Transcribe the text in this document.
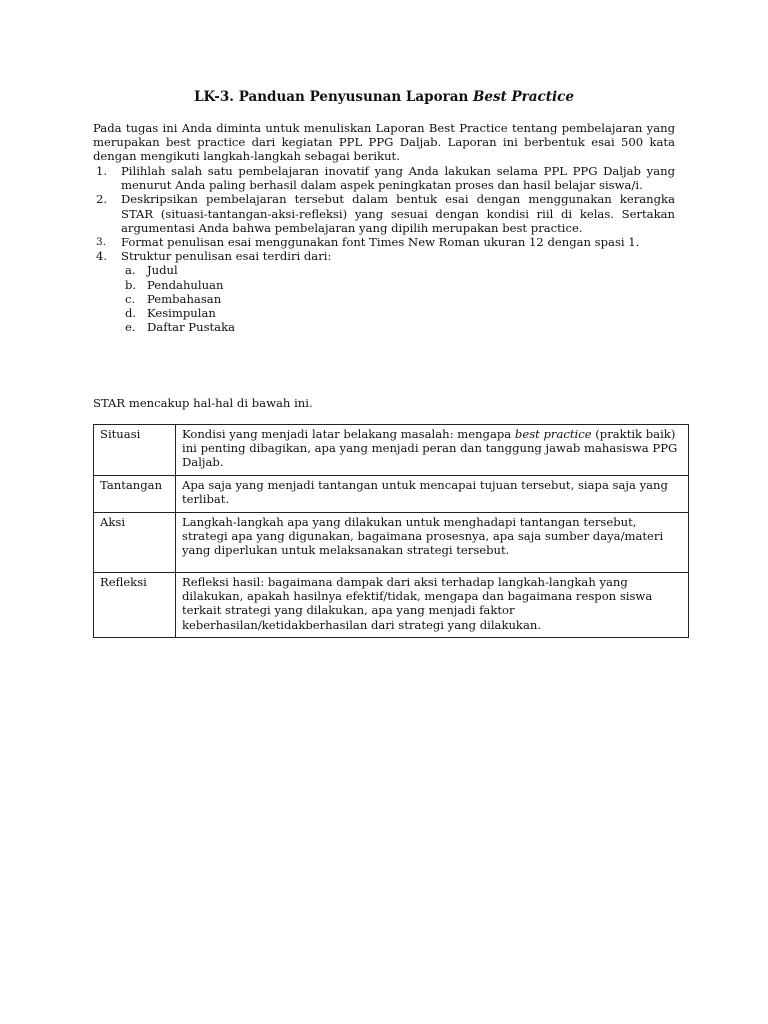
LK-3. Panduan Penyusunan Laporan Best Practice

Pada tugas ini Anda diminta untuk menuliskan Laporan Best Practice tentang pembelajaran yang merupakan best practice dari kegiatan PPL PPG Daljab. Laporan ini berbentuk esai 500 kata dengan mengikuti langkah-langkah sebagai berikut.

1. Pilihlah salah satu pembelajaran inovatif yang Anda lakukan selama PPL PPG Daljab yang menurut Anda paling berhasil dalam aspek peningkatan proses dan hasil belajar siswa/i.
2. Deskripsikan pembelajaran tersebut dalam bentuk esai dengan menggunakan kerangka STAR (situasi-tantangan-aksi-refleksi) yang sesuai dengan kondisi riil di kelas. Sertakan argumentasi Anda bahwa pembelajaran yang dipilih merupakan best practice.
3. Format penulisan esai menggunakan font Times New Roman ukuran 12 dengan spasi 1.
4. Struktur penulisan esai terdiri dari:
a. Judul
b. Pendahuluan
c. Pembahasan
d. Kesimpulan
e. Daftar Pustaka

STAR mencakup hal-hal di bawah ini.

Situasi	Kondisi yang menjadi latar belakang masalah: mengapa best practice (praktik baik) ini penting dibagikan, apa yang menjadi peran dan tanggung jawab mahasiswa PPG Daljab.
Tantangan	Apa saja yang menjadi tantangan untuk mencapai tujuan tersebut, siapa saja yang terlibat.
Aksi	Langkah-langkah apa yang dilakukan untuk menghadapi tantangan tersebut, strategi apa yang digunakan, bagaimana prosesnya, apa saja sumber daya/materi yang diperlukan untuk melaksanakan strategi tersebut.
Refleksi	Refleksi hasil: bagaimana dampak dari aksi terhadap langkah-langkah yang dilakukan, apakah hasilnya efektif/tidak, mengapa dan bagaimana respon siswa terkait strategi yang dilakukan, apa yang menjadi faktor keberhasilan/ketidakberhasilan dari strategi yang dilakukan.
